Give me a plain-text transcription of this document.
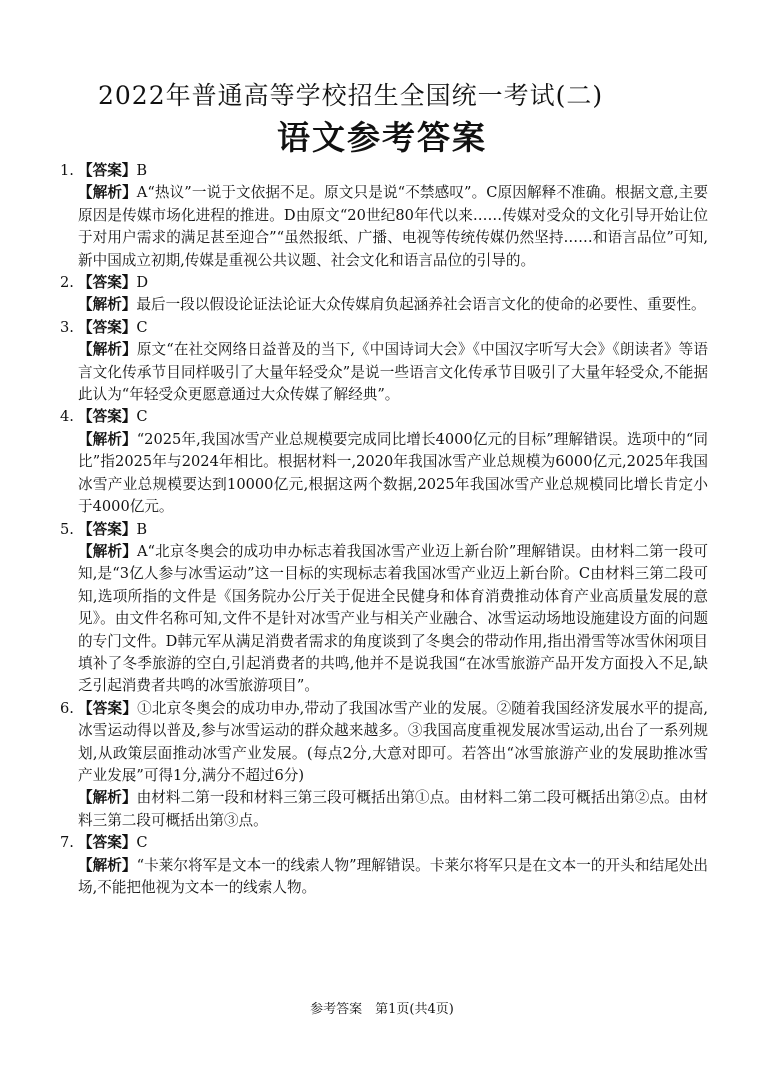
2022年普通高等学校招生全国统一考试(二)
语文参考答案
1. 【答案】B
【解析】A“热议”一说于文依据不足。原文只是说“不禁感叹”。C原因解释不准确。根据文意,主要原因是传媒市场化进程的推进。D由原文“20世纪80年代以来……传媒对受众的文化引导开始让位于对用户需求的满足甚至迎合”“虽然报纸、广播、电视等传统传媒仍然坚持……和语言品位”可知,新中国成立初期,传媒是重视公共议题、社会文化和语言品位的引导的。
2. 【答案】D
【解析】最后一段以假设论证法论证大众传媒肩负起涵养社会语言文化的使命的必要性、重要性。
3. 【答案】C
【解析】原文“在社交网络日益普及的当下,《中国诗词大会》《中国汉字听写大会》《朗读者》等语言文化传承节目同样吸引了大量年轻受众”是说一些语言文化传承节目吸引了大量年轻受众,不能据此认为“年轻受众更愿意通过大众传媒了解经典”。
4. 【答案】C
【解析】“2025年,我国冰雪产业总规模要完成同比增长4000亿元的目标”理解错误。选项中的“同比”指2025年与2024年相比。根据材料一,2020年我国冰雪产业总规模为6000亿元,2025年我国冰雪产业总规模要达到10000亿元,根据这两个数据,2025年我国冰雪产业总规模同比增长肯定小于4000亿元。
5. 【答案】B
【解析】A“北京冬奥会的成功申办标志着我国冰雪产业迈上新台阶”理解错误。由材料二第一段可知,是“3亿人参与冰雪运动”这一目标的实现标志着我国冰雪产业迈上新台阶。C由材料三第二段可知,选项所指的文件是《国务院办公厅关于促进全民健身和体育消费推动体育产业高质量发展的意见》。由文件名称可知,文件不是针对冰雪产业与相关产业融合、冰雪运动场地设施建设方面的问题的专门文件。D韩元军从满足消费者需求的角度谈到了冬奥会的带动作用,指出滑雪等冰雪休闲项目填补了冬季旅游的空白,引起消费者的共鸣,他并不是说我国“在冰雪旅游产品开发方面投入不足,缺乏引起消费者共鸣的冰雪旅游项目”。
6. 【答案】①北京冬奥会的成功申办,带动了我国冰雪产业的发展。②随着我国经济发展水平的提高,冰雪运动得以普及,参与冰雪运动的群众越来越多。③我国高度重视发展冰雪运动,出台了一系列规划,从政策层面推动冰雪产业发展。(每点2分,大意对即可。若答出“冰雪旅游产业的发展助推冰雪产业发展”可得1分,满分不超过6分)
【解析】由材料二第一段和材料三第三段可概括出第①点。由材料二第二段可概括出第②点。由材料三第二段可概括出第③点。
7. 【答案】C
【解析】“卡莱尔将军是文本一的线索人物”理解错误。卡莱尔将军只是在文本一的开头和结尾处出场,不能把他视为文本一的线索人物。
参考答案　第1页(共4页)
